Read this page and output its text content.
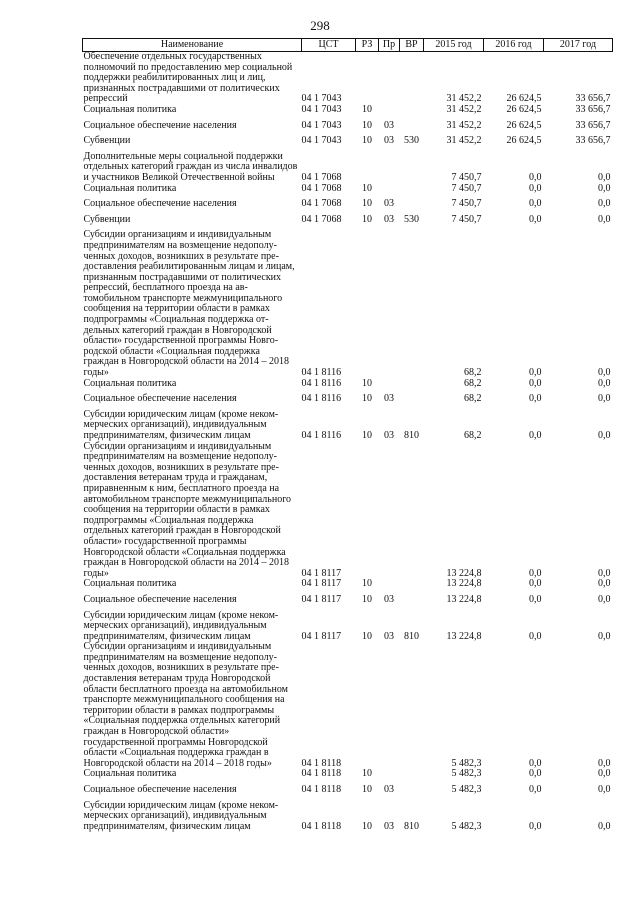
298
Наименование	ЦСТ	РЗ	Пр	ВР	2015 год	2016 год	2017 год
Обеспечение отдельных государственных полномочий по предоставлению мер социальной поддержки реабилитированных лиц и лиц, признанных пострадавшими от политических репрессий	04 1 7043				31 452,2	26 624,5	33 656,7
Социальная политика	04 1 7043	10			31 452,2	26 624,5	33 656,7
Социальное обеспечение населения	04 1 7043	10	03		31 452,2	26 624,5	33 656,7
Субвенции	04 1 7043	10	03	530	31 452,2	26 624,5	33 656,7
Дополнительные меры социальной поддержки отдельных категорий граждан из числа инвалидов и участников Великой Отечественной войны	04 1 7068				7 450,7	0,0	0,0
Социальная политика	04 1 7068	10			7 450,7	0,0	0,0
Социальное обеспечение населения	04 1 7068	10	03		7 450,7	0,0	0,0
Субвенции	04 1 7068	10	03	530	7 450,7	0,0	0,0
Субсидии организациям и индивидуальным предпринимателям на возмещение недополученных доходов, возникших в результате предоставления реабилитированным лицам и лицам, признанным пострадавшими от политических репрессий, бесплатного проезда на автомобильном транспорте межмуниципального сообщения на территории области в рамках подпрограммы «Социальная поддержка отдельных категорий граждан в Новгородской области» государственной программы Новгородской области «Социальная поддержка граждан в Новгородской области на 2014 – 2018 годы»	04 1 8116				68,2	0,0	0,0
Социальная политика	04 1 8116	10			68,2	0,0	0,0
Социальное обеспечение населения	04 1 8116	10	03		68,2	0,0	0,0
Субсидии юридическим лицам (кроме некоммерческих организаций), индивидуальным предпринимателям, физическим лицам	04 1 8116	10	03	810	68,2	0,0	0,0
Субсидии организациям и индивидуальным предпринимателям на возмещение недополученных доходов, возникших в результате предоставления ветеранам труда и гражданам, приравненным к ним, бесплатного проезда на автомобильном транспорте межмуниципального сообщения на территории области в рамках подпрограммы «Социальная поддержка отдельных категорий граждан в Новгородской области» государственной программы Новгородской области «Социальная поддержка граждан в Новгородской области на 2014 – 2018 годы»	04 1 8117				13 224,8	0,0	0,0
Социальная политика	04 1 8117	10			13 224,8	0,0	0,0
Социальное обеспечение населения	04 1 8117	10	03		13 224,8	0,0	0,0
Субсидии юридическим лицам (кроме некоммерческих организаций), индивидуальным предпринимателям, физическим лицам	04 1 8117	10	03	810	13 224,8	0,0	0,0
Субсидии организациям и индивидуальным предпринимателям на возмещение недополученных доходов, возникших в результате предоставления ветеранам труда Новгородской области бесплатного проезда на автомобильном транспорте межмуниципального сообщения на территории области в рамках подпрограммы «Социальная поддержка отдельных категорий граждан в Новгородской области» государственной программы Новгородской области «Социальная поддержка граждан в Новгородской области на 2014 – 2018 годы»	04 1 8118				5 482,3	0,0	0,0
Социальная политика	04 1 8118	10			5 482,3	0,0	0,0
Социальное обеспечение населения	04 1 8118	10	03		5 482,3	0,0	0,0
Субсидии юридическим лицам (кроме некоммерческих организаций), индивидуальным предпринимателям, физическим лицам	04 1 8118	10	03	810	5 482,3	0,0	0,0
